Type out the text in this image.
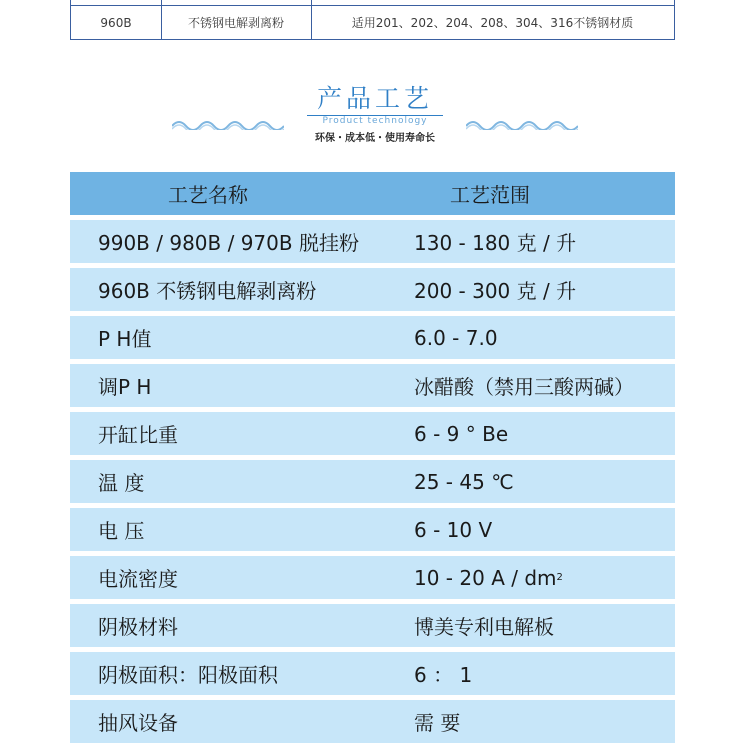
960B	不锈钢电解剥离粉	适用201、202、204、208、304、316不锈钢材质
产品工艺
Product technology
环保・成本低・使用寿命长
工艺名称	工艺范围
990B / 980B / 970B 脱挂粉	130 - 180 克 / 升
960B 不锈钢电解剥离粉	200 - 300 克 / 升
P H值	6.0 - 7.0
调P H	冰醋酸（禁用三酸两碱）
开缸比重	6 - 9 ° Be
温 度	25 - 45 ℃
电 压	6 - 10 V
电流密度	10 - 20 A / dm 2
阴极材料	博美专利电解板
阴极面积：阳极面积	6 ： 1
抽风设备	需 要
